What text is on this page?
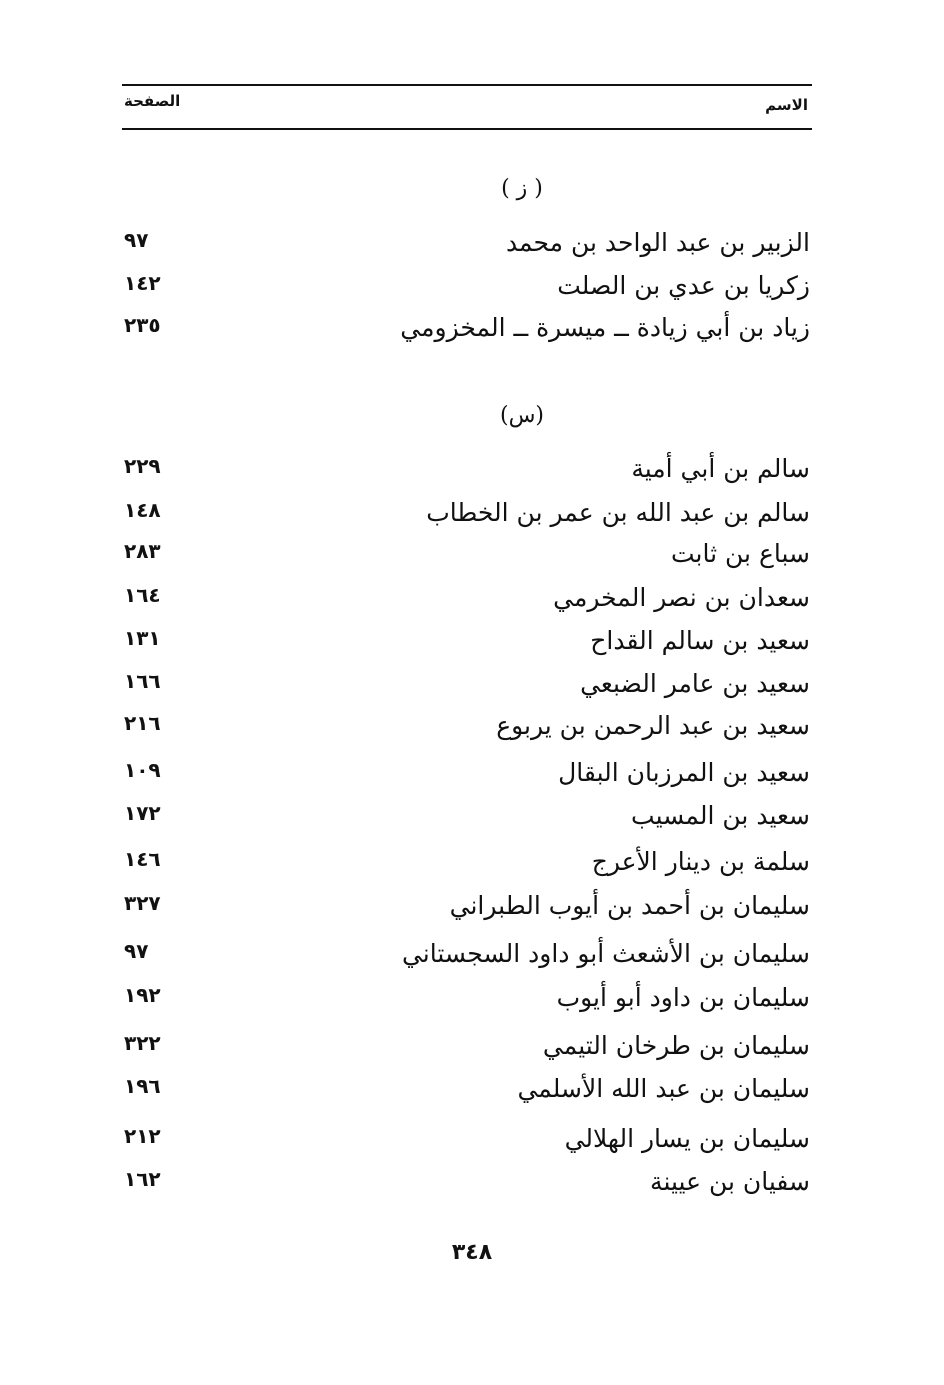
الاسم
الصفحة
( ز )
الزبير بن عبد الواحد بن محمد
٩٧
زكريا بن عدي بن الصلت
١٤٢
زياد بن أبي زيادة ــ ميسرة ــ المخزومي
٢٣٥
(س)
سالم بن أبي أمية
٢٢٩
سالم بن عبد الله بن عمر بن الخطاب
١٤٨
سباع بن ثابت
٢٨٣
سعدان بن نصر المخرمي
١٦٤
سعيد بن سالم القداح
١٣١
سعيد بن عامر الضبعي
١٦٦
سعيد بن عبد الرحمن بن يربوع
٢١٦
سعيد بن المرزبان البقال
١٠٩
سعيد بن المسيب
١٧٢
سلمة بن دينار الأعرج
١٤٦
سليمان بن أحمد بن أيوب الطبراني
٣٢٧
سليمان بن الأشعث أبو داود السجستاني
٩٧
سليمان بن داود أبو أيوب
١٩٢
سليمان بن طرخان التيمي
٣٢٢
سليمان بن عبد الله الأسلمي
١٩٦
سليمان بن يسار الهلالي
٢١٢
سفيان بن عيينة
١٦٢
٣٤٨
